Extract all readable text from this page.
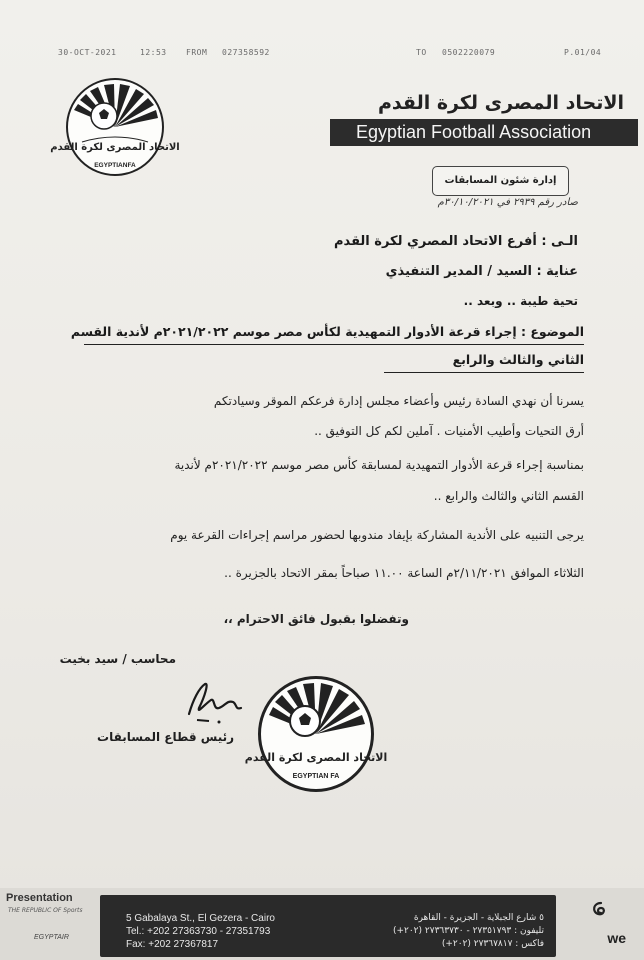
30-OCT-2021	12:53 FROM 027358592	TO 0502220079	P.01/04
الاتحاد المصرى لكرة القدم
EGYPTIANFA
الاتحاد المصرى لكرة القدم
Egyptian Football Association
إدارة شئون المسابقات
صادر رقم ٢٩٣٩ في ٣٠/١٠/٢٠٢١م
الـى : أفرع الاتحاد المصري لكرة القدم
عناية : السيد / المدير التنفيذي
تحية طيبة .. وبعد ..
الموضوع : إجراء قرعة الأدوار التمهيدية لكأس مصر موسم ٢٠٢١/٢٠٢٢م لأندية القسم
الثاني والثالث والرابع
يسرنا أن نهدي السادة رئيس وأعضاء مجلس إدارة فرعكم الموقر وسيادتكم
أرق التحيات وأطيب الأمنيات . آملين لكم كل التوفيق ..
بمناسبة إجراء قرعة الأدوار التمهيدية لمسابقة كأس مصر موسم ٢٠٢١/٢٠٢٢م لأندية
القسم الثاني والثالث والرابع ..
يرجى التنبيه على الأندية المشاركة بإيفاد مندوبها لحضور مراسم إجراءات القرعة يوم
الثلاثاء الموافق ٢/١١/٢٠٢١م الساعة ١١.٠٠ صباحاً بمقر الاتحاد بالجزيرة ..
وتفضلوا بقبول فائق الاحترام ،،
محاسب / سيد بخيت
رئيس قطاع المسابقات
الاتحاد المصرى لكرة القدم
EGYPTIAN FA
Presentation
THE REPUBLIC OF Sports
EGYPTAIR
5 Gabalaya St., El Gezera - Cairo
Tel.: +202 27363730 - 27351793
Fax: +202 27367817
٥ شارع الجبلاية - الجزيرة - القاهرة
تليفون : ٢٧٣٥١٧٩٣ - ٢٧٣٦٣٧٣٠ (٢٠٢+)
فاكس : ٢٧٣٦٧٨١٧ (٢٠٢+)	we
